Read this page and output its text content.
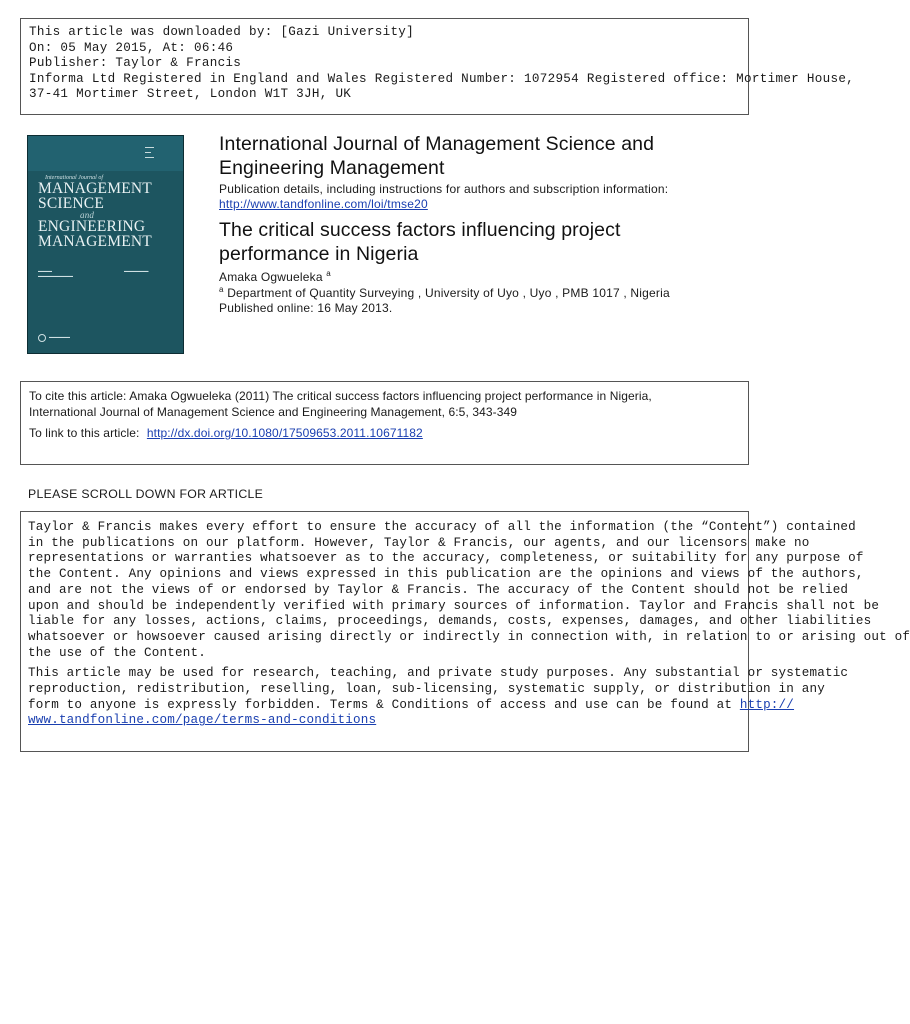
This article was downloaded by: [Gazi University]
On: 05 May 2015, At: 06:46
Publisher: Taylor & Francis
Informa Ltd Registered in England and Wales Registered Number: 1072954 Registered office: Mortimer House,
37-41 Mortimer Street, London W1T 3JH, UK
▬▬▬
▬▬
▬▬▬
International Journal of
MANAGEMENT
SCIENCE
and
ENGINEERING
MANAGEMENT
▬▬▬▬
▬▬▬▬▬▬▬▬▬▬
▬▬▬▬▬▬▬
▬▬▬▬▬▬
International Journal of Management Science and
Engineering Management
Publication details, including instructions for authors and subscription information:
http://www.tandfonline.com/loi/tmse20
The critical success factors influencing project
performance in Nigeria
Amaka Ogwueleka $^a$
$^a$ Department of Quantity Surveying , University of Uyo , Uyo , PMB 1017 , Nigeria
Published online: 16 May 2013.
To cite this article: Amaka Ogwueleka (2011) The critical success factors influencing project performance in Nigeria,
International Journal of Management Science and Engineering Management, 6:5, 343-349
To link to this article: http://dx.doi.org/10.1080/17509653.2011.10671182
PLEASE SCROLL DOWN FOR ARTICLE
Taylor & Francis makes every effort to ensure the accuracy of all the information (the “Content”) contained
in the publications on our platform. However, Taylor & Francis, our agents, and our licensors make no
representations or warranties whatsoever as to the accuracy, completeness, or suitability for any purpose of
the Content. Any opinions and views expressed in this publication are the opinions and views of the authors,
and are not the views of or endorsed by Taylor & Francis. The accuracy of the Content should not be relied
upon and should be independently verified with primary sources of information. Taylor and Francis shall not be
liable for any losses, actions, claims, proceedings, demands, costs, expenses, damages, and other liabilities
whatsoever or howsoever caused arising directly or indirectly in connection with, in relation to or arising out of
the use of the Content.
This article may be used for research, teaching, and private study purposes. Any substantial or systematic
reproduction, redistribution, reselling, loan, sub-licensing, systematic supply, or distribution in any
form to anyone is expressly forbidden. Terms & Conditions of access and use can be found at http://
www.tandfonline.com/page/terms-and-conditions
